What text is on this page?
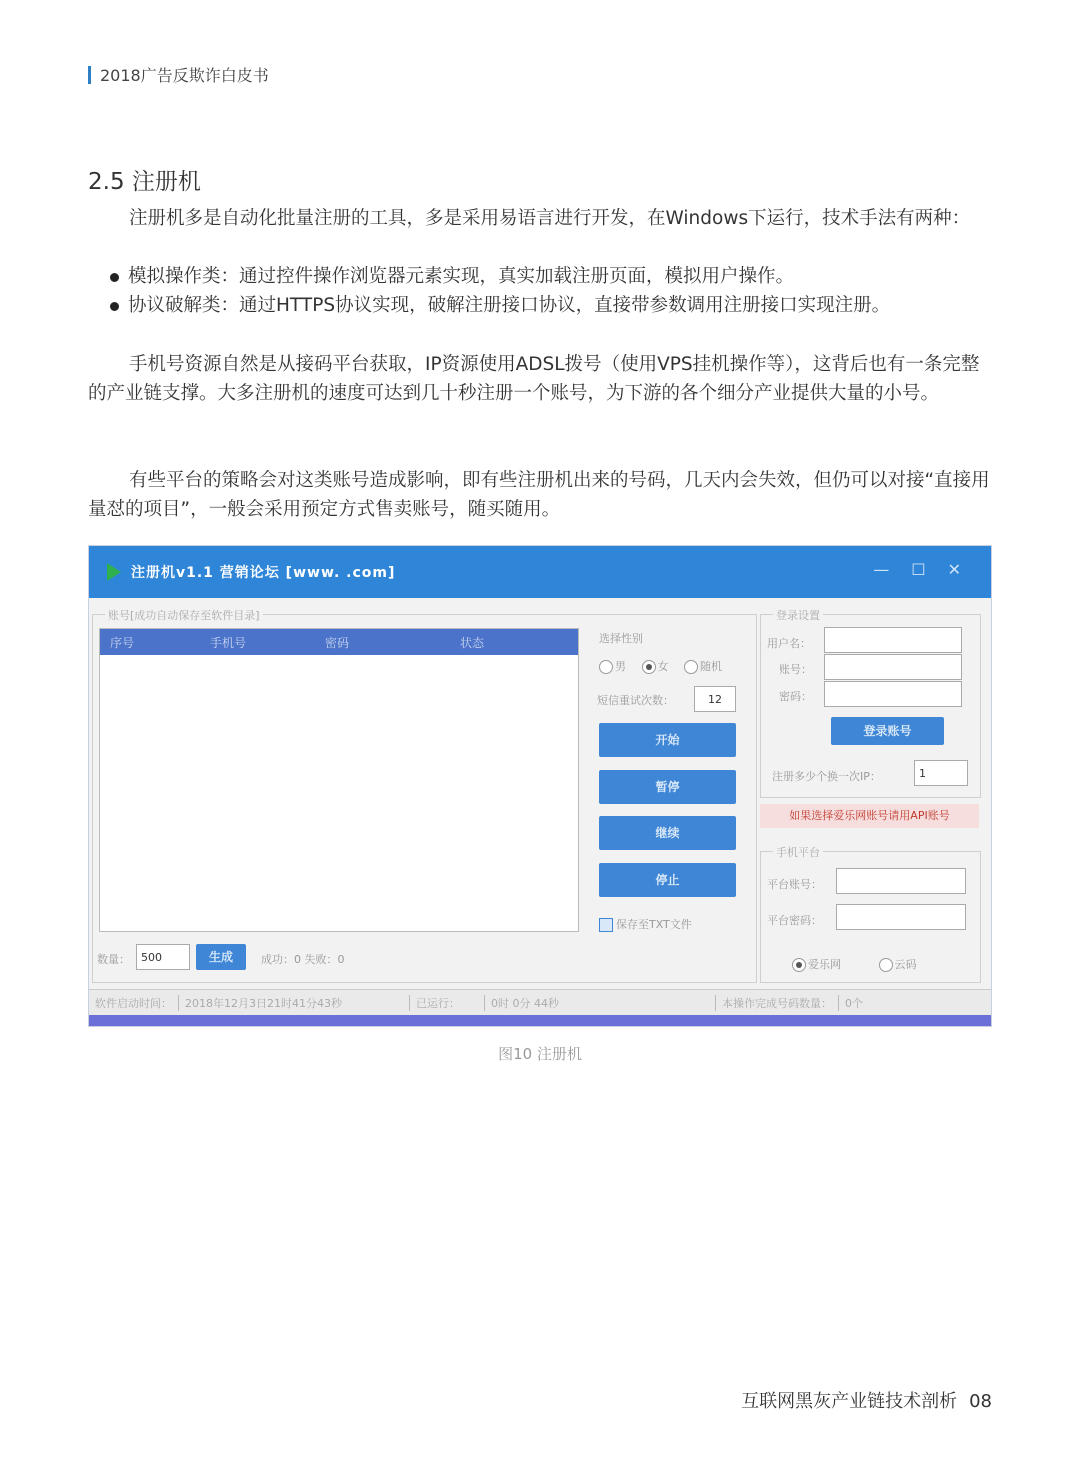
2018广告反欺诈白皮书
2.5 注册机

注册机多是自动化批量注册的工具，多是采用易语言进行开发，在Windows下运行，技术手法有两种：

模拟操作类：通过控件操作浏览器元素实现，真实加载注册页面，模拟用户操作。
协议破解类：通过HTTPS协议实现，破解注册接口协议，直接带参数调用注册接口实现注册。

手机号资源自然是从接码平台获取，IP资源使用ADSL拨号（使用VPS挂机操作等），这背后也有一条完整的产业链支撑。大多注册机的速度可达到几十秒注册一个账号，为下游的各个细分产业提供大量的小号。

有些平台的策略会对这类账号造成影响，即有些注册机出来的号码，几天内会失效，但仍可以对接“直接用量怼的项目”，一般会采用预定方式售卖账号，随买随用。

注册机v1.1 营销论坛 [www. .com]	— ☐ ✕
账号[成功自动保存至软件目录]
序号	手机号	密码	状态	选择性别
男	女	随机
短信重试次数：	12
开始
暂停
继续
停止
保存至TXT文件
数量：	500	生成	成功：0 失败：0
登录设置
用户名：
账号：
密码：
登录账号
注册多少个换一次IP：	1
如果选择爱乐网账号请用API账号
手机平台
平台账号：
平台密码：
爱乐网	云码
软件启动时间：	2018年12月3日21时41分43秒	已运行：	0时 0分 44秒	本操作完成号码数量：	0个
图10 注册机
互联网黑灰产业链技术剖析 08
